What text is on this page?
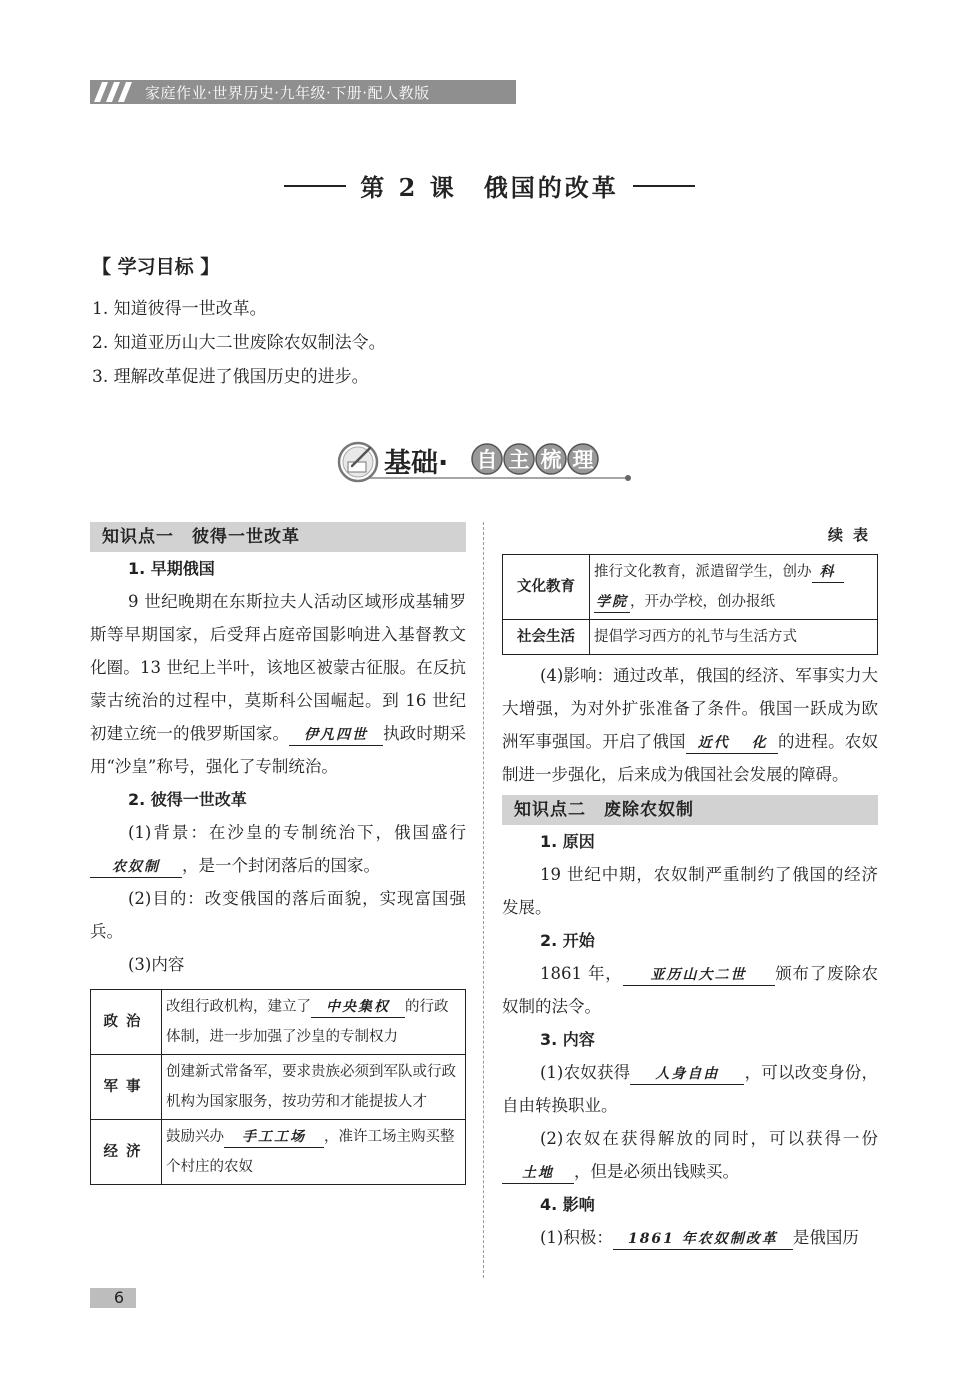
家庭作业·世界历史·九年级·下册·配人教版
第 2 课　俄国的改革
【 学习目标 】
1. 知道彼得一世改革。
2. 知道亚历山大二世废除农奴制法令。
3. 理解改革促进了俄国历史的进步。
基础· 自 主 梳 理
知识点一　彼得一世改革
1. 早期俄国

9 世纪晚期在东斯拉夫人活动区域形成基辅罗斯等早期国家，后受拜占庭帝国影响进入基督教文化圈。13 世纪上半叶，该地区被蒙古征服。在反抗蒙古统治的过程中，莫斯科公国崛起。到 16 世纪初建立统一的俄罗斯国家。 伊凡四世 执政时期采用“沙皇”称号，强化了专制统治。

2. 彼得一世改革

(1)背景：在沙皇的专制统治下，俄国盛行农奴制 ，是一个封闭落后的国家。

(2)目的：改变俄国的落后面貌，实现富国强兵。

(3)内容

政治	改组行政机构，建立了 中央集权 的行政体制，进一步加强了沙皇的专制权力
军事	创建新式常备军，要求贵族必须到军队或行政机构为国家服务，按功劳和才能提拔人才
经济	鼓励兴办 手工工场 ，准许工场主购买整个村庄的农奴
续表
文化教育	推行文化教育，派遣留学生，创办 科
学院 ，开办学校，创办报纸
社会生活	提倡学习西方的礼节与生活方式

(4)影响：通过改革，俄国的经济、军事实力大大增强，为对外扩张准备了条件。俄国一跃成为欧洲军事强国。开启了俄国 近代 化 的进程。农奴制进一步强化，后来成为俄国社会发展的障碍。

知识点二　废除农奴制
1. 原因

19 世纪中期，农奴制严重制约了俄国的经济发展。

2. 开始

1861 年， 亚历山大二世 颁布了废除农奴制的法令。

3. 内容

(1)农奴获得 人身自由 ，可以改变身份，自由转换职业。

(2)农奴在获得解放的同时，可以获得一份土地 ，但是必须出钱赎买。

4. 影响

(1)积极： 1861 年农奴制改革 是俄国历

6
